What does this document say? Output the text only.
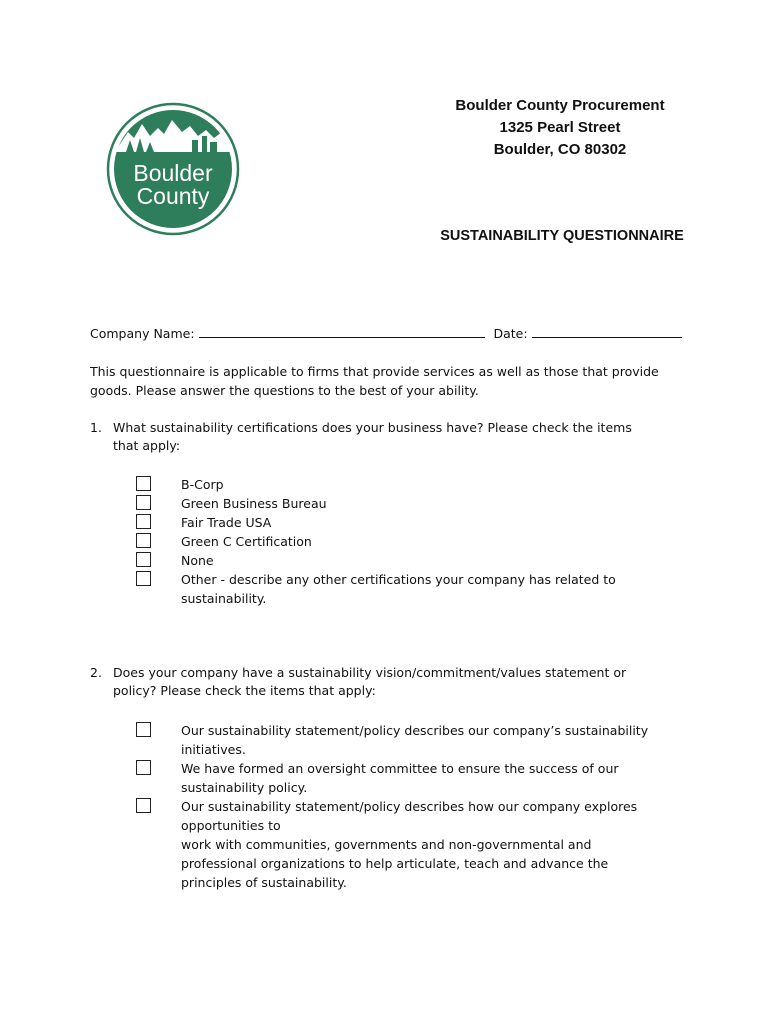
Boulder
County
Boulder County Procurement
1325 Pearl Street
Boulder, CO 80302
SUSTAINABILITY QUESTIONNAIRE
Company Name:	Date:
This questionnaire is applicable to firms that provide services as well as those that provide goods. Please answer the questions to the best of your ability.
1. What sustainability certifications does your business have? Please check the items that apply:
B-Corp
Green Business Bureau
Fair Trade USA
Green C Certification
None
Other - describe any other certifications your company has related to sustainability.
2. Does your company have a sustainability vision/commitment/values statement or policy? Please check the items that apply:
Our sustainability statement/policy describes our company’s sustainability initiatives.
We have formed an oversight committee to ensure the success of our sustainability policy.
Our sustainability statement/policy describes how our company explores opportunities to
work with communities, governments and non-governmental and professional organizations to help articulate, teach and advance the principles of sustainability.
